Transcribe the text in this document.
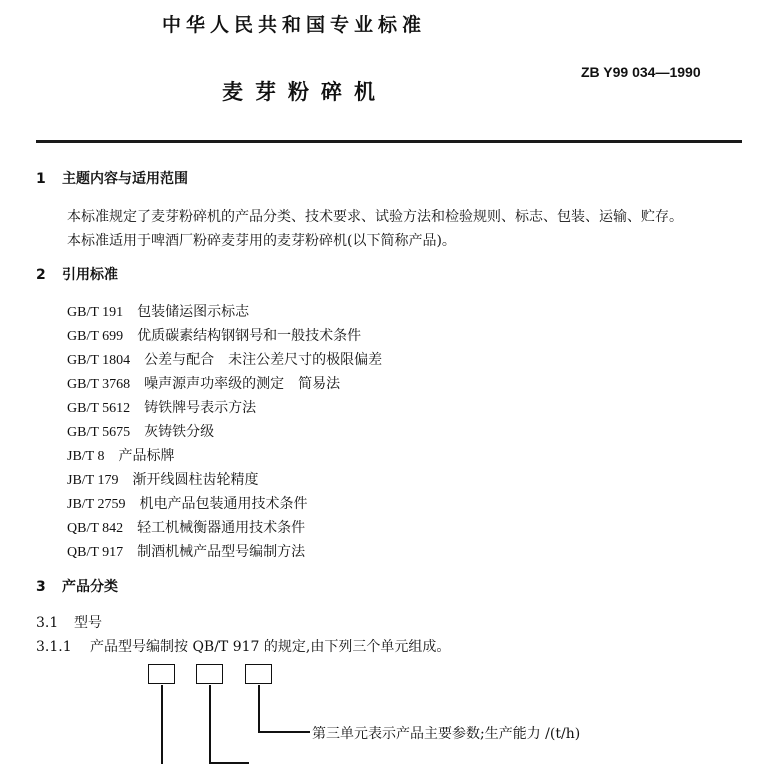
中华人民共和国专业标准
ZB Y99 034—1990
麦芽粉碎机
1 主题内容与适用范围
本标准规定了麦芽粉碎机的产品分类、技术要求、试验方法和检验规则、标志、包装、运输、贮存。
本标准适用于啤酒厂粉碎麦芽用的麦芽粉碎机(以下简称产品)。
2 引用标准
GB/T 191 包装储运图示标志
GB/T 699 优质碳素结构钢钢号和一般技术条件
GB/T 1804 公差与配合　未注公差尺寸的极限偏差
GB/T 3768 噪声源声功率级的测定　简易法
GB/T 5612 铸铁牌号表示方法
GB/T 5675 灰铸铁分级
JB/T 8 产品标牌
JB/T 179 渐开线圆柱齿轮精度
JB/T 2759 机电产品包装通用技术条件
QB/T 842 轻工机械衡器通用技术条件
QB/T 917 制酒机械产品型号编制方法
3 产品分类
3.1 型号
3.1.1 产品型号编制按 QB/T 917 的规定,由下列三个单元组成。
第三单元表示产品主要参数;生产能力 /(t/h)
